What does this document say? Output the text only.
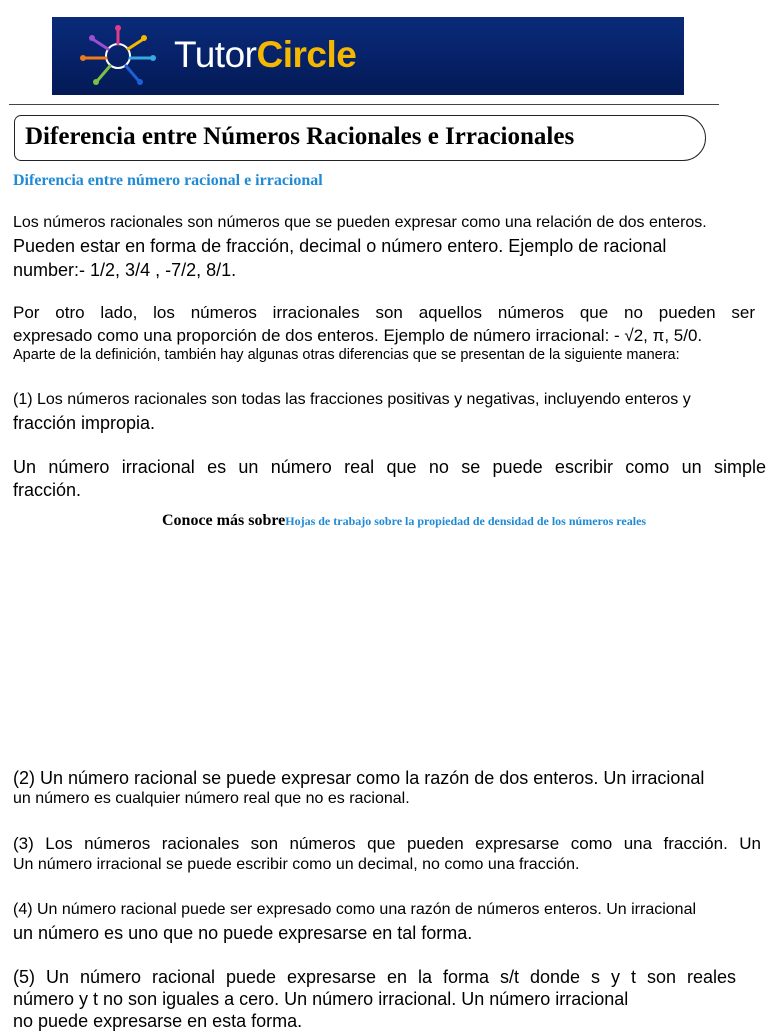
TutorCircle
Diferencia entre Números Racionales e Irracionales
Diferencia entre número racional e irracional

Los números racionales son números que se pueden expresar como una relación de dos enteros.

Pueden estar en forma de fracción, decimal o número entero. Ejemplo de racional

number:- 1/2, 3/4 , -7/2, 8/1.

Por otro lado, los números irracionales son aquellos números que no pueden ser

expresado como una proporción de dos enteros. Ejemplo de número irracional: - √2, π, 5/0.

Aparte de la definición, también hay algunas otras diferencias que se presentan de la siguiente manera:

(1) Los números racionales son todas las fracciones positivas y negativas, incluyendo enteros y

fracción impropia.

Un número irracional es un número real que no se puede escribir como un simple

fracción.

Conoce más sobreHojas de trabajo sobre la propiedad de densidad de los números reales

(2) Un número racional se puede expresar como la razón de dos enteros. Un irracional

un número es cualquier número real que no es racional.

(3) Los números racionales son números que pueden expresarse como una fracción. Un

Un número irracional se puede escribir como un decimal, no como una fracción.

(4) Un número racional puede ser expresado como una razón de números enteros. Un irracional

un número es uno que no puede expresarse en tal forma.

(5) Un número racional puede expresarse en la forma s/t donde s y t son reales

número y t no son iguales a cero. Un número irracional. Un número irracional

no puede expresarse en esta forma.
